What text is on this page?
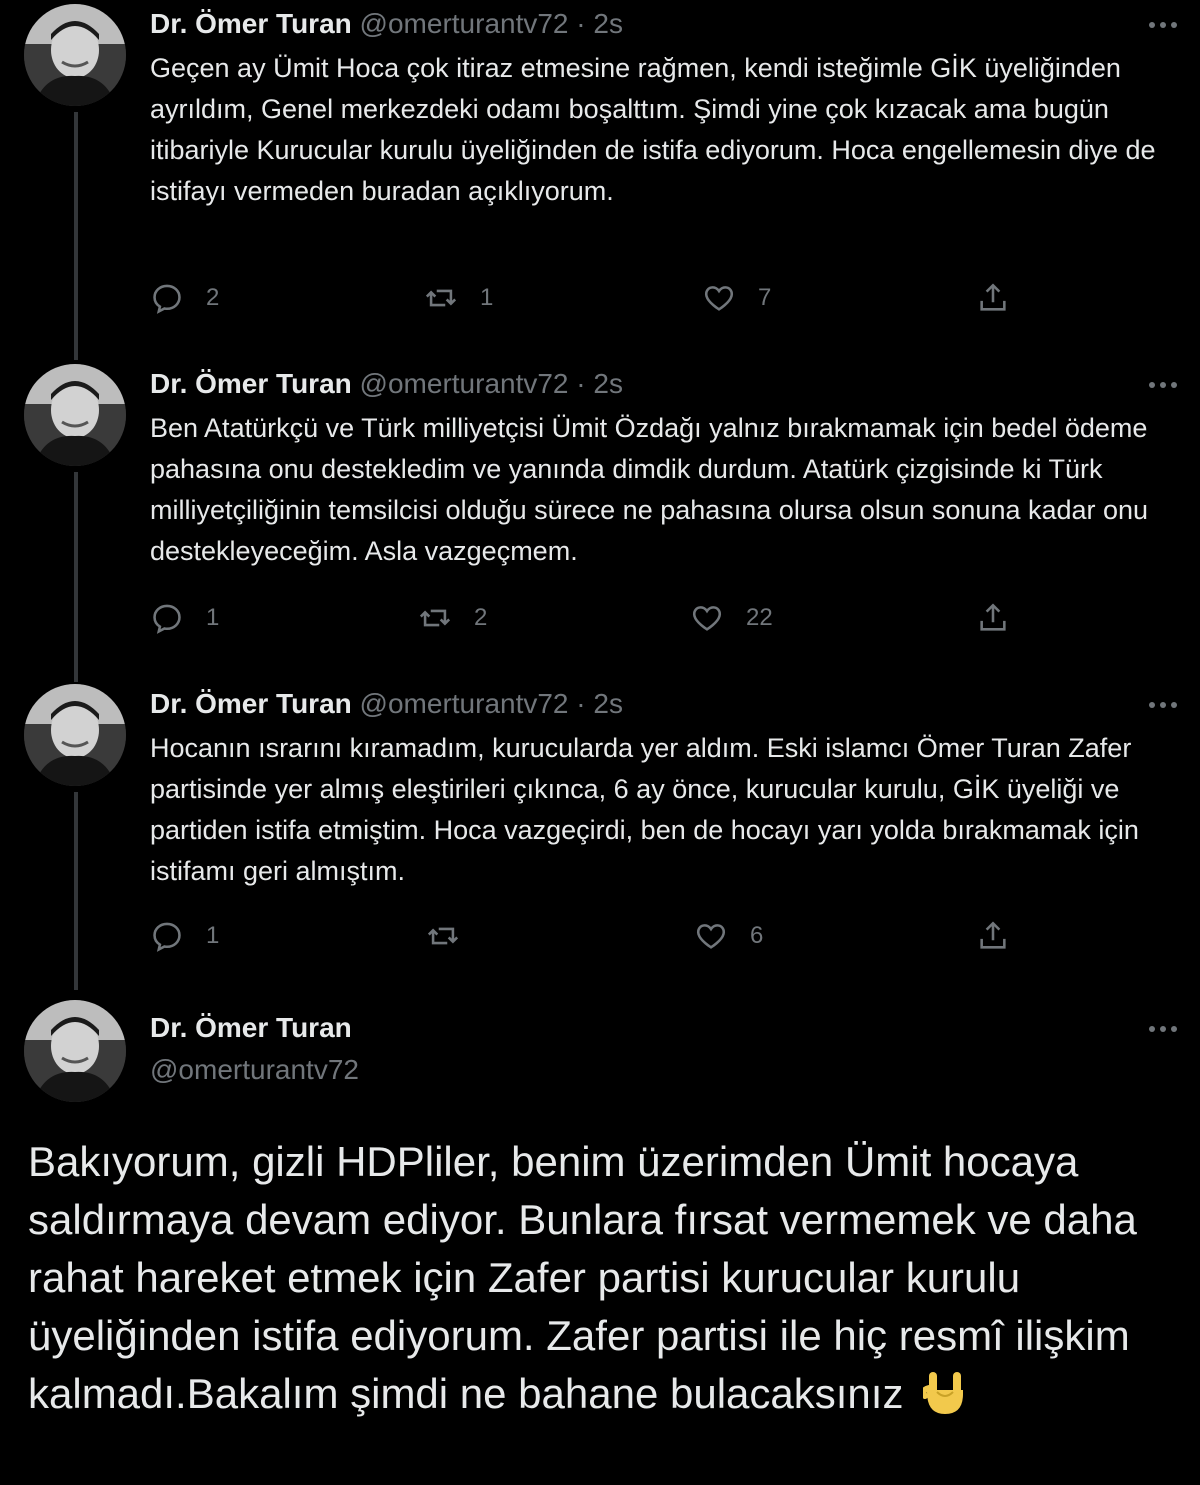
Dr. Ömer Turan @omerturantv72 · 2s
Geçen ay Ümit Hoca çok itiraz etmesine rağmen, kendi isteğimle GİK üyeliğinden ayrıldım, Genel merkezdeki odamı boşalttım. Şimdi yine çok kızacak ama bugün itibariyle Kurucular kurulu üyeliğinden de istifa ediyorum. Hoca engellemesin diye de istifayı vermeden buradan açıklıyorum.
2	1	7
Dr. Ömer Turan @omerturantv72 · 2s
Ben Atatürkçü ve Türk milliyetçisi Ümit Özdağı yalnız bırakmamak için bedel ödeme pahasına onu destekledim ve yanında dimdik durdum. Atatürk çizgisinde ki Türk milliyetçiliğinin temsilcisi olduğu sürece ne pahasına olursa olsun sonuna kadar onu destekleyeceğim. Asla vazgeçmem.
1	2	22
Dr. Ömer Turan @omerturantv72 · 2s
Hocanın ısrarını kıramadım, kurucularda yer aldım. Eski islamcı Ömer Turan Zafer partisinde yer almış eleştirileri çıkınca, 6 ay önce, kurucular kurulu, GİK üyeliği ve partiden istifa etmiştim. Hoca vazgeçirdi, ben de hocayı yarı yolda bırakmamak için istifamı geri almıştım.
1	6
Dr. Ömer Turan
@omerturantv72
Bakıyorum, gizli HDPliler, benim üzerimden Ümit hocaya saldırmaya devam ediyor. Bunlara fırsat vermemek ve daha rahat hareket etmek için Zafer partisi kurucular kurulu üyeliğinden istifa ediyorum. Zafer partisi ile hiç resmî ilişkim kalmadı.Bakalım şimdi ne bahane bulacaksınız
